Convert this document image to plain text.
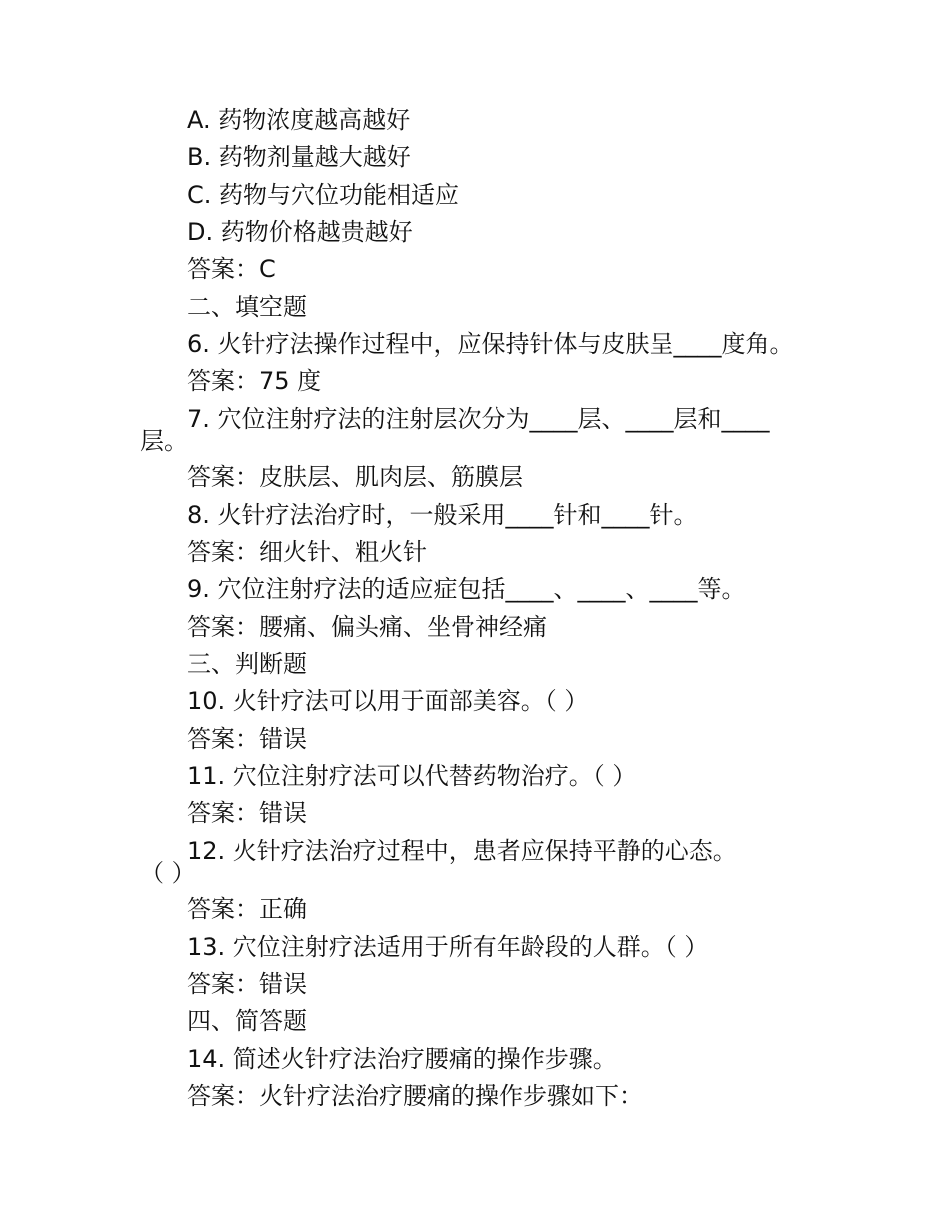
A. 药物浓度越高越好
B. 药物剂量越大越好
C. 药物与穴位功能相适应
D. 药物价格越贵越好
答案：C
二、填空题
6. 火针疗法操作过程中，应保持针体与皮肤呈____度角。
答案：75 度
7. 穴位注射疗法的注射层次分为____层、____层和____
层。
答案：皮肤层、肌肉层、筋膜层
8. 火针疗法治疗时，一般采用____针和____针。
答案：细火针、粗火针
9. 穴位注射疗法的适应症包括____、____、____等。
答案：腰痛、偏头痛、坐骨神经痛
三、判断题
10. 火针疗法可以用于面部美容。（ ）
答案：错误
11. 穴位注射疗法可以代替药物治疗。（ ）
答案：错误
12. 火针疗法治疗过程中，患者应保持平静的心态。
（ ）
答案：正确
13. 穴位注射疗法适用于所有年龄段的人群。（ ）
答案：错误
四、简答题
14. 简述火针疗法治疗腰痛的操作步骤。
答案：火针疗法治疗腰痛的操作步骤如下：
